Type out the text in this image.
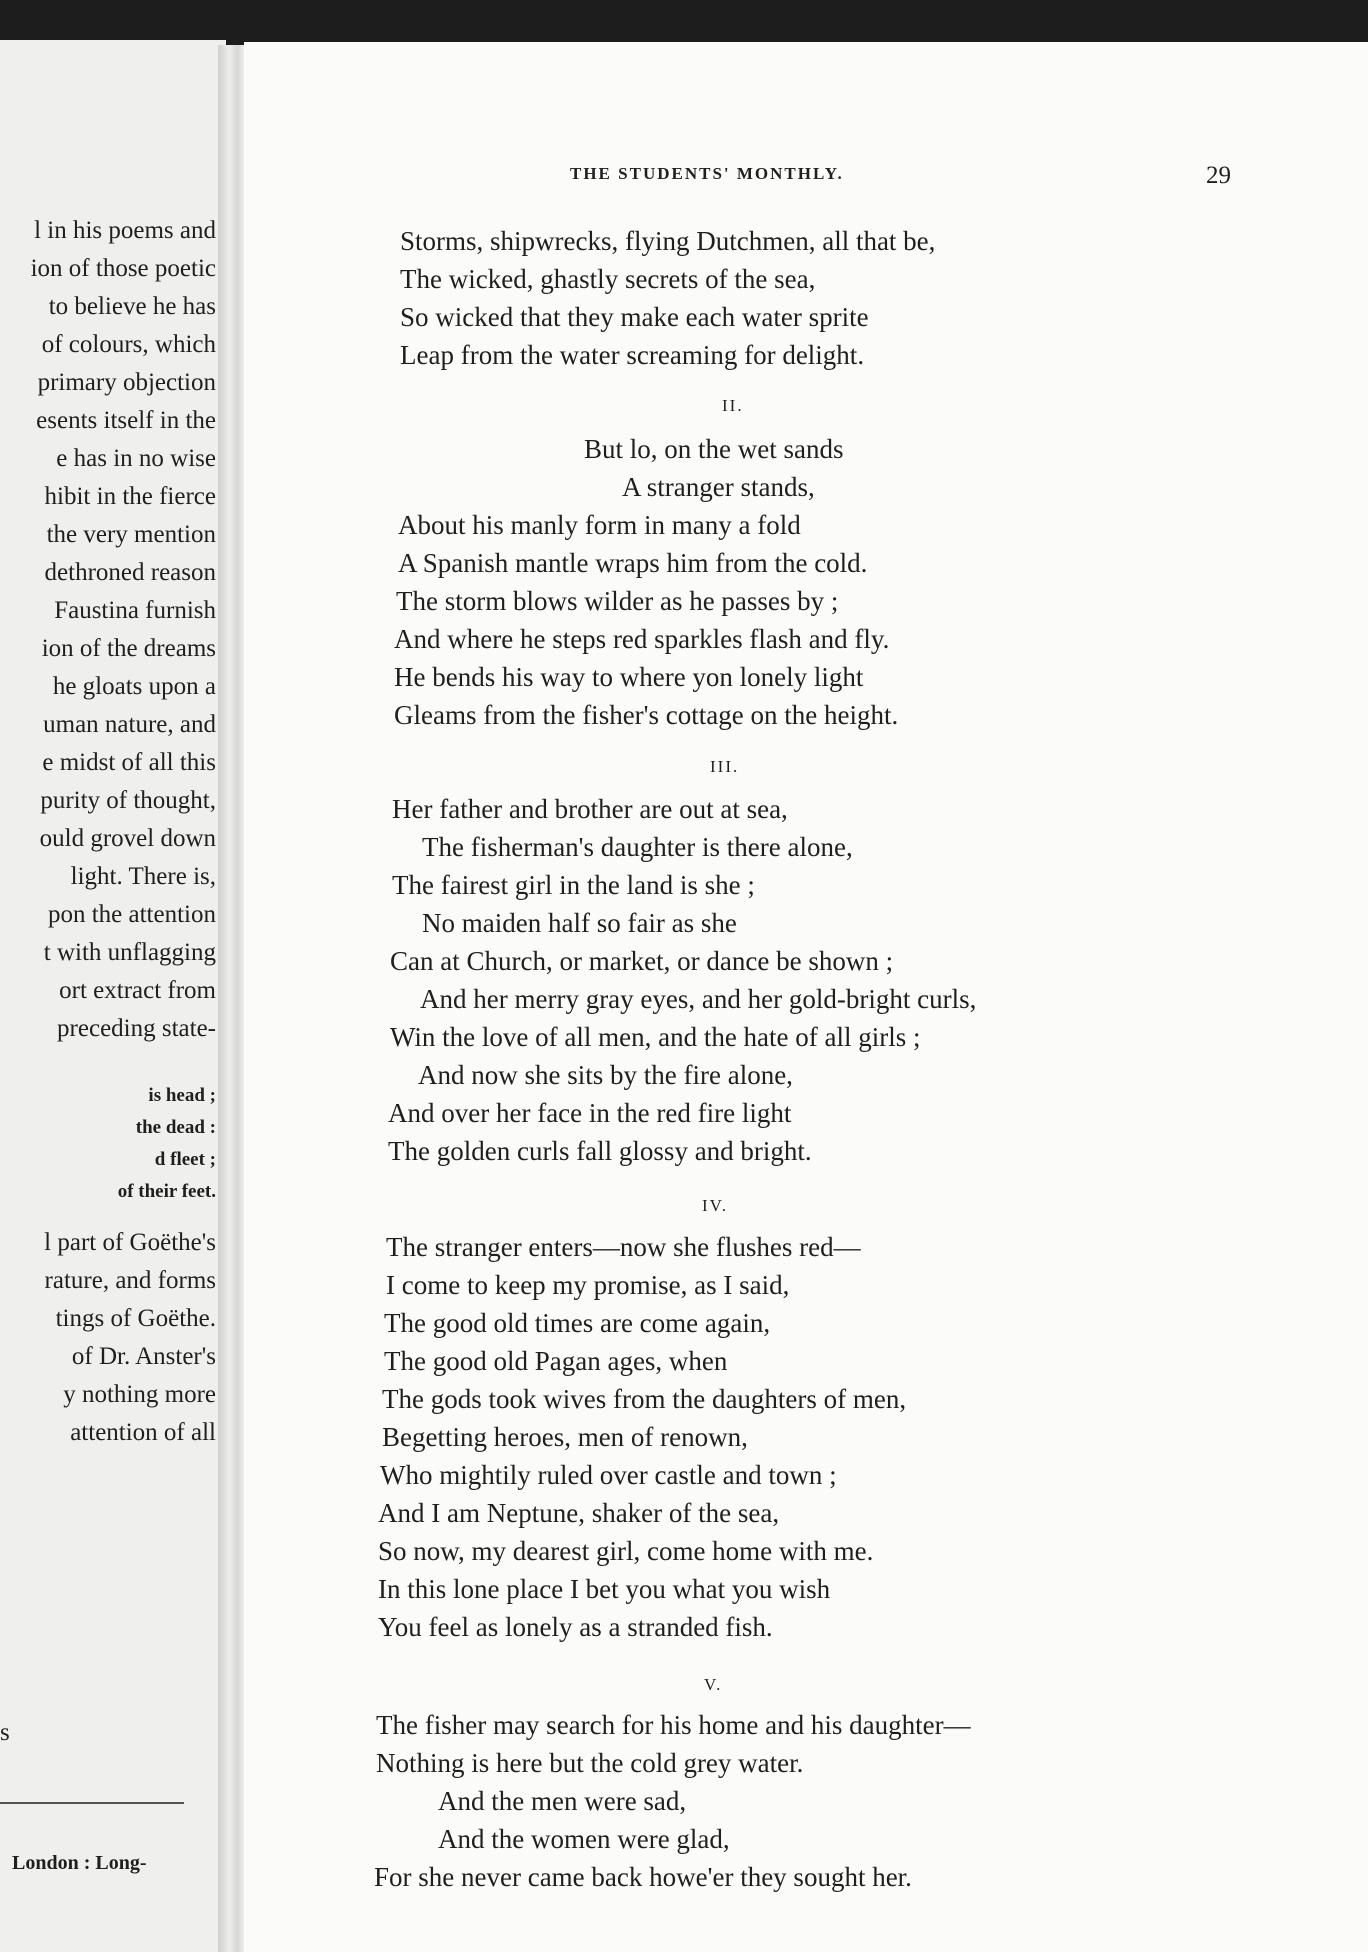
l in his poems and
ion of those poetic
to believe he has
of colours, which
primary objection
esents itself in the
e has in no wise
hibit in the fierce
the very mention
dethroned reason
Faustina furnish
ion of the dreams
he gloats upon a
uman nature, and
e midst of all this
purity of thought,
ould grovel down
light. There is,
pon the attention
t with unflagging
ort extract from
preceding state-
is head ;
the dead :
d fleet ;
of their feet.
l part of Goëthe's
rature, and forms
tings of Goëthe.
of Dr. Anster's
y nothing more
attention of all
s
London : Long-
THE STUDENTS' MONTHLY.	29
Storms, shipwrecks, flying Dutchmen, all that be,
The wicked, ghastly secrets of the sea,
So wicked that they make each water sprite
Leap from the water screaming for delight.
II.
But lo, on the wet sands
A stranger stands,
About his manly form in many a fold
A Spanish mantle wraps him from the cold.
The storm blows wilder as he passes by ;
And where he steps red sparkles flash and fly.
He bends his way to where yon lonely light
Gleams from the fisher's cottage on the height.
III.
Her father and brother are out at sea,
The fisherman's daughter is there alone,
The fairest girl in the land is she ;
No maiden half so fair as she
Can at Church, or market, or dance be shown ;
And her merry gray eyes, and her gold-bright curls,
Win the love of all men, and the hate of all girls ;
And now she sits by the fire alone,
And over her face in the red fire light
The golden curls fall glossy and bright.
IV.
The stranger enters—now she flushes red—
I come to keep my promise, as I said,
The good old times are come again,
The good old Pagan ages, when
The gods took wives from the daughters of men,
Begetting heroes, men of renown,
Who mightily ruled over castle and town ;
And I am Neptune, shaker of the sea,
So now, my dearest girl, come home with me.
In this lone place I bet you what you wish
You feel as lonely as a stranded fish.
V.
The fisher may search for his home and his daughter—
Nothing is here but the cold grey water.
And the men were sad,
And the women were glad,
For she never came back howe'er they sought her.
